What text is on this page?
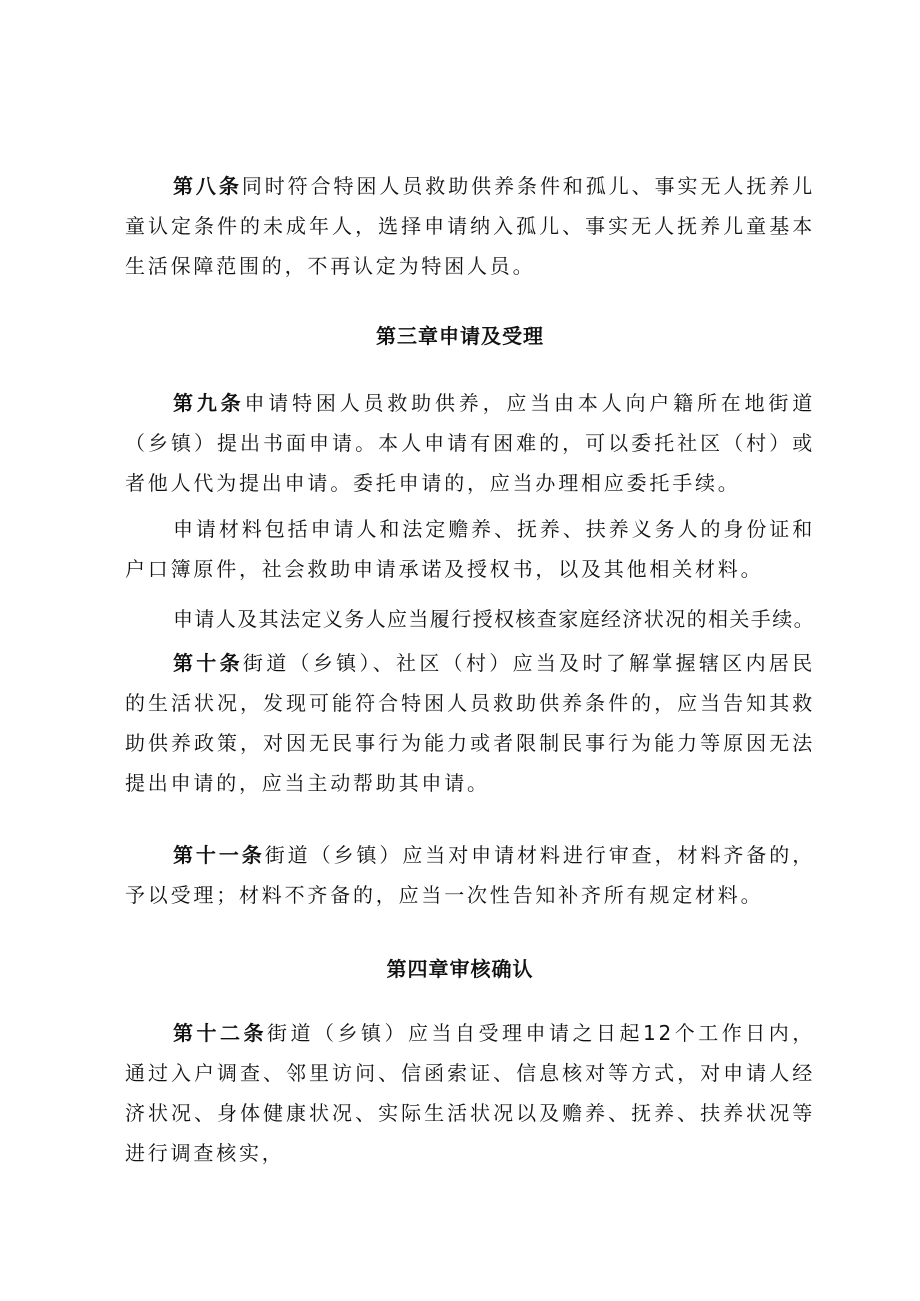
第八条同时符合特困人员救助供养条件和孤儿、事实无人抚养儿童认定条件的未成年人，选择申请纳入孤儿、事实无人抚养儿童基本生活保障范围的，不再认定为特困人员。

第三章申请及受理

第九条申请特困人员救助供养，应当由本人向户籍所在地街道（乡镇）提出书面申请。本人申请有困难的，可以委托社区（村）或者他人代为提出申请。委托申请的，应当办理相应委托手续。

申请材料包括申请人和法定赡养、抚养、扶养义务人的身份证和户口簿原件，社会救助申请承诺及授权书，以及其他相关材料。

申请人及其法定义务人应当履行授权核查家庭经济状况的相关手续。

第十条街道（乡镇）、社区（村）应当及时了解掌握辖区内居民的生活状况，发现可能符合特困人员救助供养条件的，应当告知其救助供养政策，对因无民事行为能力或者限制民事行为能力等原因无法提出申请的，应当主动帮助其申请。

第十一条街道（乡镇）应当对申请材料进行审查，材料齐备的，予以受理；材料不齐备的，应当一次性告知补齐所有规定材料。

第四章审核确认

第十二条街道（乡镇）应当自受理申请之日起12个工作日内，通过入户调查、邻里访问、信函索证、信息核对等方式，对申请人经济状况、身体健康状况、实际生活状况以及赡养、抚养、扶养状况等进行调查核实，
